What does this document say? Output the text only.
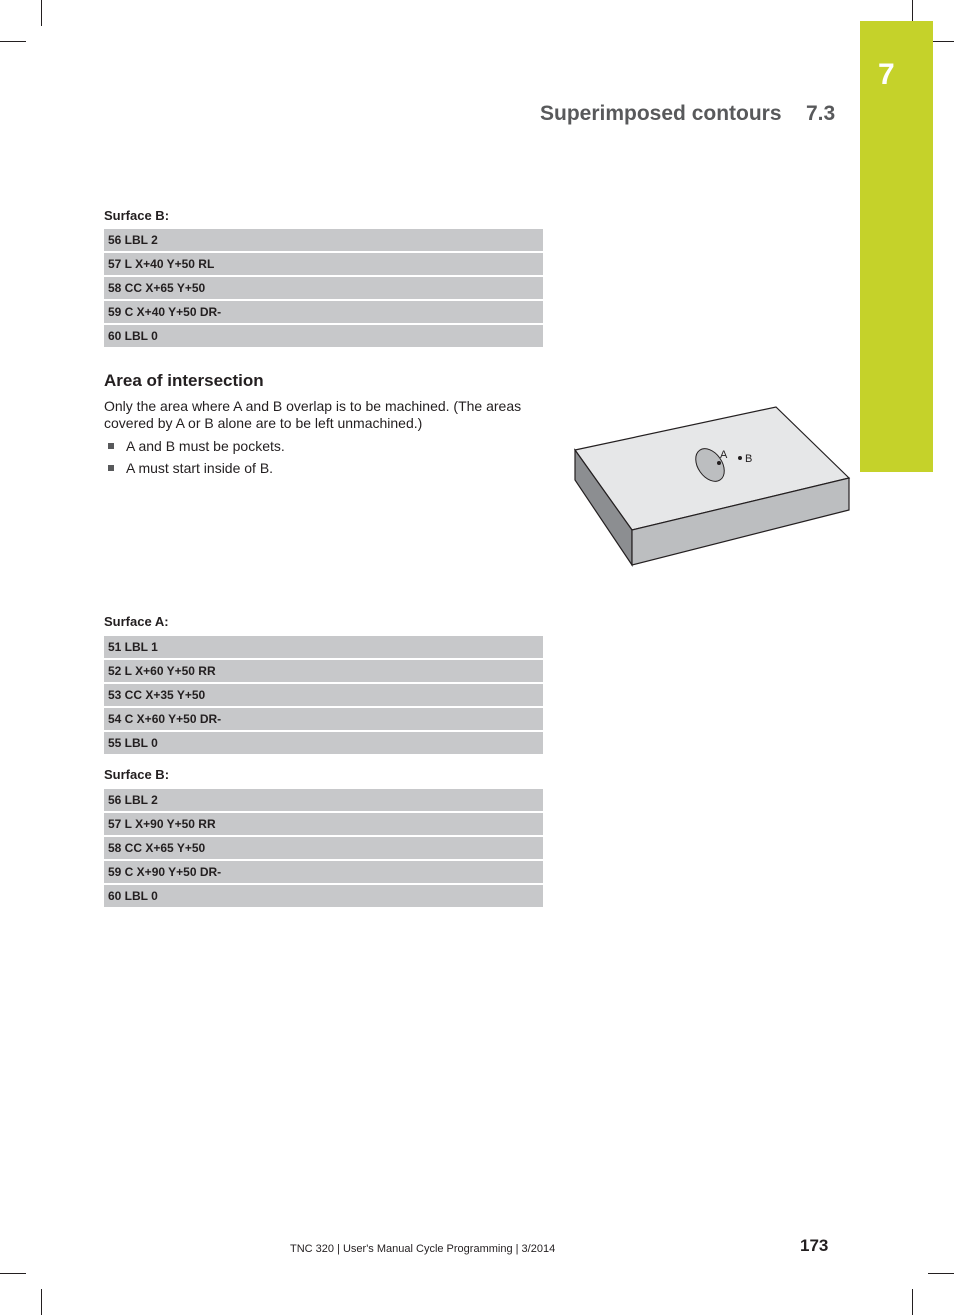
7
Superimposed contours 7.3
Surface B:
56 LBL 2
57 L X+40 Y+50 RL
58 CC X+65 Y+50
59 C X+40 Y+50 DR-
60 LBL 0
Area of intersection
Only the area where A and B overlap is to be machined. (The areas covered by A or B alone are to be left unmachined.)
A and B must be pockets.
A must start inside of B.
A B
Surface A:
51 LBL 1
52 L X+60 Y+50 RR
53 CC X+35 Y+50
54 C X+60 Y+50 DR-
55 LBL 0
Surface B:
56 LBL 2
57 L X+90 Y+50 RR
58 CC X+65 Y+50
59 C X+90 Y+50 DR-
60 LBL 0
TNC 320 | User's Manual Cycle Programming | 3/2014	173
